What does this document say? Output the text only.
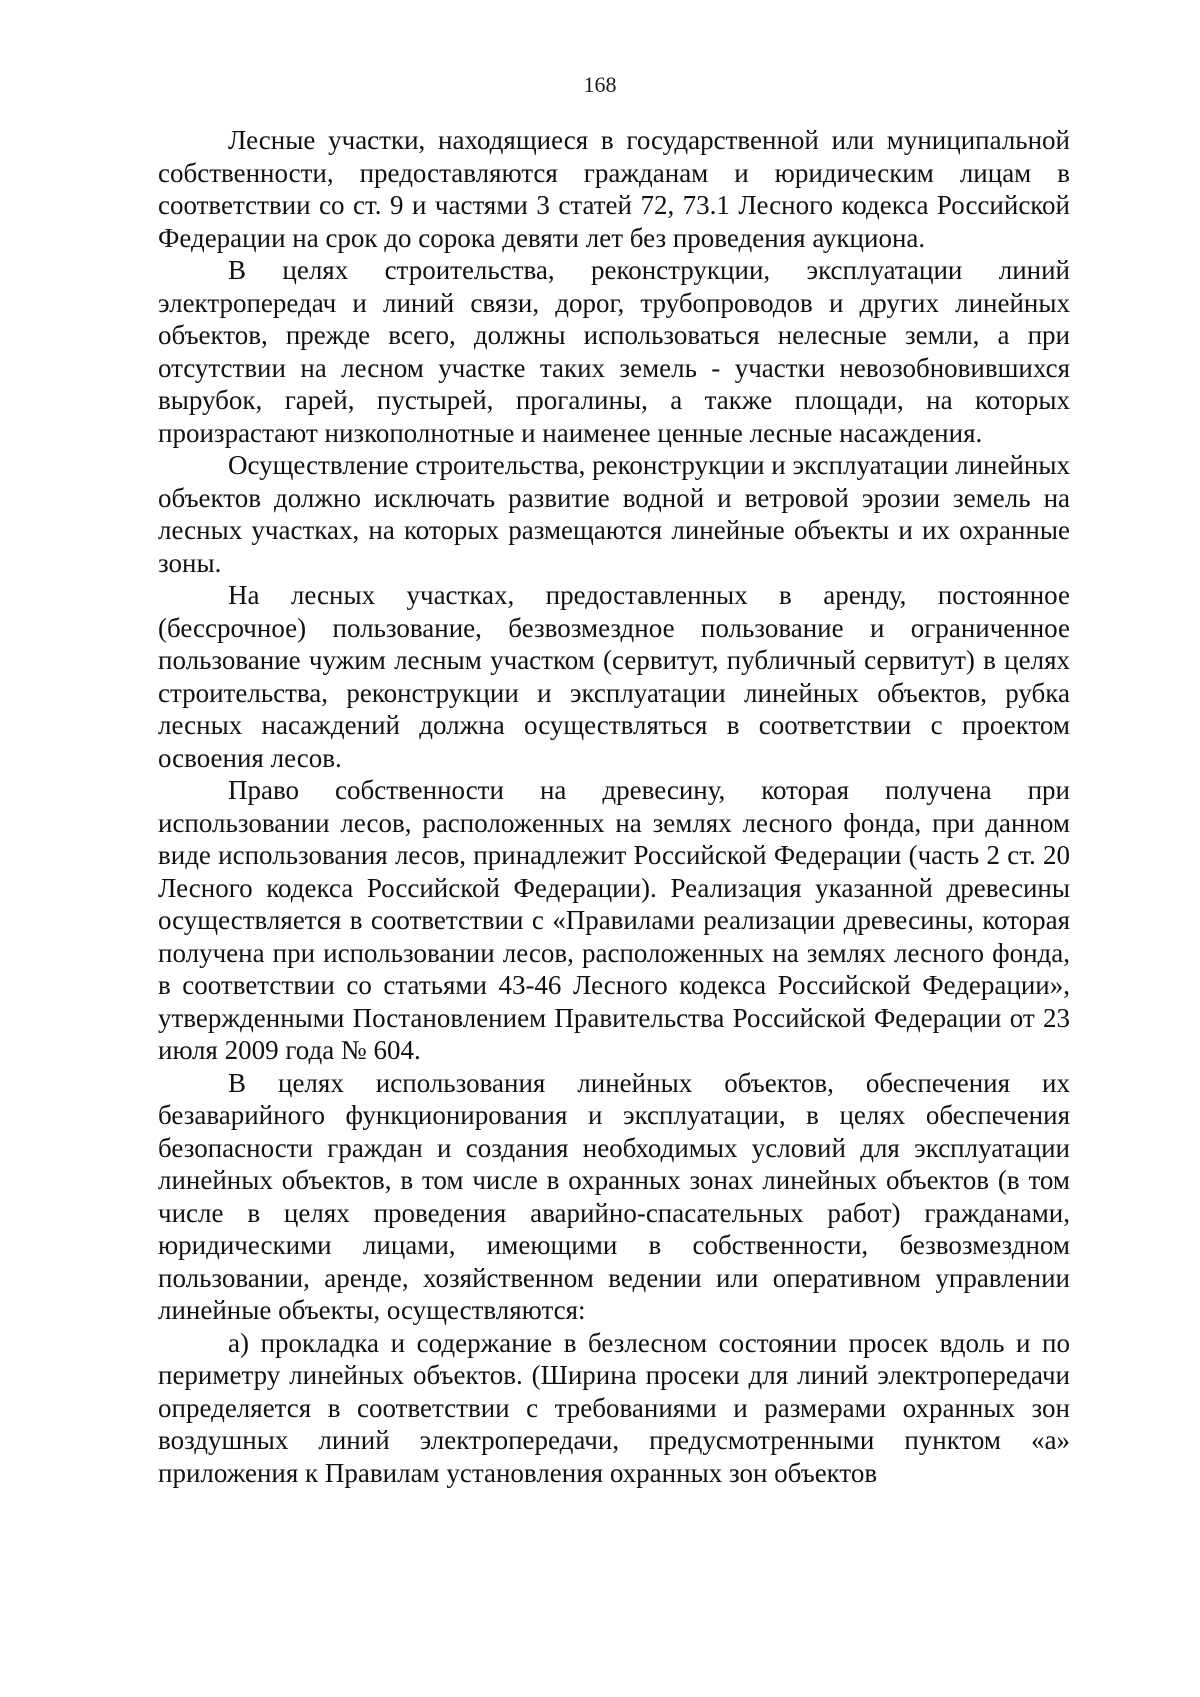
168

Лесные участки, находящиеся в государственной или муниципальной собственности, предоставляются гражданам и юридическим лицам в соответствии со ст. 9 и частями 3 статей 72, 73.1 Лесного кодекса Российской Федерации на срок до сорока девяти лет без проведения аукциона.

В целях строительства, реконструкции, эксплуатации линий электропередач и линий связи, дорог, трубопроводов и других линейных объектов, прежде всего, должны использоваться нелесные земли, а при отсутствии на лесном участке таких земель - участки невозобновившихся вырубок, гарей, пустырей, прогалины, а также площади, на которых произрастают низкополнотные и наименее ценные лесные насаждения.

Осуществление строительства, реконструкции и эксплуатации линейных объектов должно исключать развитие водной и ветровой эрозии земель на лесных участках, на которых размещаются линейные объекты и их охранные зоны.

На лесных участках, предоставленных в аренду, постоянное (бессрочное) пользование, безвозмездное пользование и ограниченное пользование чужим лесным участком (сервитут, публичный сервитут) в целях строительства, реконструкции и эксплуатации линейных объектов, рубка лесных насаждений должна осуществляться в соответствии с проектом освоения лесов.

Право собственности на древесину, которая получена при использовании лесов, расположенных на землях лесного фонда, при данном виде использования лесов, принадлежит Российской Федерации (часть 2 ст. 20 Лесного кодекса Российской Федерации). Реализация указанной древесины осуществляется в соответствии с «Правилами реализации древесины, которая получена при использовании лесов, расположенных на землях лесного фонда, в соответствии со статьями 43-46 Лесного кодекса Российской Федерации», утвержденными Постановлением Правительства Российской Федерации от 23 июля 2009 года № 604.

В целях использования линейных объектов, обеспечения их безаварийного функционирования и эксплуатации, в целях обеспечения безопасности граждан и создания необходимых условий для эксплуатации линейных объектов, в том числе в охранных зонах линейных объектов (в том числе в целях проведения аварийно-спасательных работ) гражданами, юридическими лицами, имеющими в собственности, безвозмездном пользовании, аренде, хозяйственном ведении или оперативном управлении линейные объекты, осуществляются:

а) прокладка и содержание в безлесном состоянии просек вдоль и по периметру линейных объектов. (Ширина просеки для линий электропередачи определяется в соответствии с требованиями и размерами охранных зон воздушных линий электропередачи, предусмотренными пунктом «а» приложения к Правилам установления охранных зон объектов
